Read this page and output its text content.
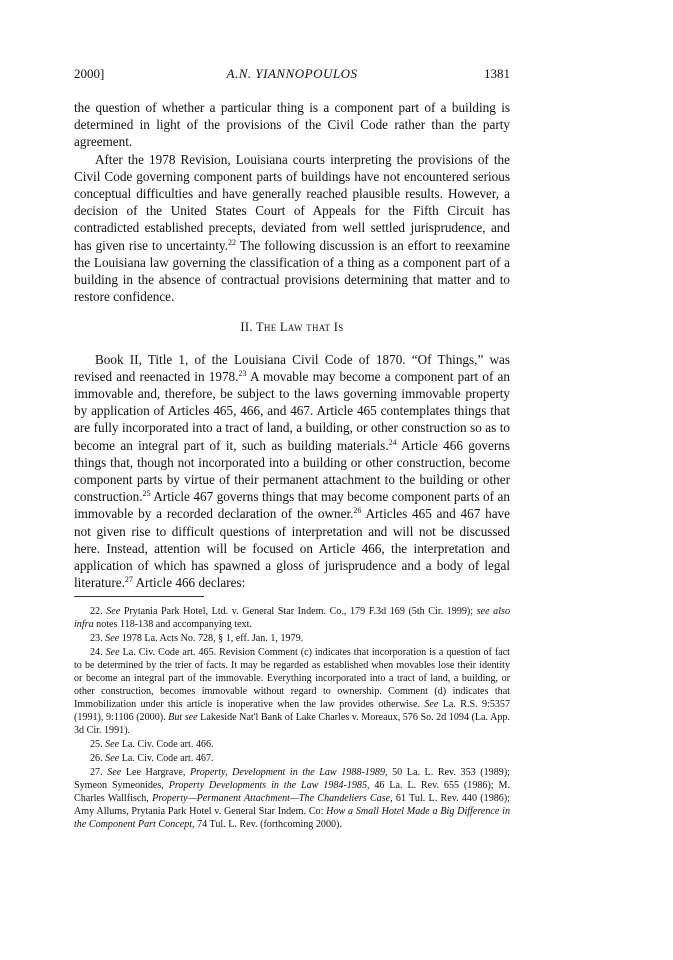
2000]	A.N. YIANNOPOULOS	1381

the question of whether a particular thing is a component part of a building is determined in light of the provisions of the Civil Code rather than the party agreement.

After the 1978 Revision, Louisiana courts interpreting the provisions of the Civil Code governing component parts of buildings have not encountered serious conceptual difficulties and have generally reached plausible results. However, a decision of the United States Court of Appeals for the Fifth Circuit has contradicted established precepts, deviated from well settled jurisprudence, and has given rise to uncertainty.$^{22}$ The following discussion is an effort to reexamine the Louisiana law governing the classification of a thing as a component part of a building in the absence of contractual provisions determining that matter and to restore confidence.

II. The Law that Is

Book II, Title 1, of the Louisiana Civil Code of 1870. “Of Things,” was revised and reenacted in 1978.23 A movable may become a component part of an immovable and, therefore, be subject to the laws governing immovable property by application of Articles 465, 466, and 467. Article 465 contemplates things that are fully incorporated into a tract of land, a building, or other construction so as to become an integral part of it, such as building materials.$^{24}$ Article 466 governs things that, though not incorporated into a building or other construction, become component parts by virtue of their permanent attachment to the building or other construction.$^{25}$ Article 467 governs things that may become component parts of an immovable by a recorded declaration of the owner.$^{26}$ Articles 465 and 467 have not given rise to difficult questions of interpretation and will not be discussed here. Instead, attention will be focused on Article 466, the interpretation and application of which has spawned a gloss of jurisprudence and a body of legal literature.$^{27}$ Article 466 declares:

22. See Prytania Park Hotel, Ltd. v. General Star Indem. Co., 179 F.3d 169 (5th Cir. 1999); see also infra notes 118-138 and accompanying text.

23. See 1978 La. Acts No. 728, § 1, eff. Jan. 1, 1979.

24. See La. Civ. Code art. 465. Revision Comment (c) indicates that incorporation is a question of fact to be determined by the trier of facts. It may be regarded as established when movables lose their identity or become an integral part of the immovable. Everything incorporated into a tract of land, a building, or other construction, becomes immovable without regard to ownership. Comment (d) indicates that Immobilization under this article is inoperative when the law provides otherwise. See La. R.S. 9:5357 (1991), 9:1106 (2000). But see Lakeside Nat'l Bank of Lake Charles v. Moreaux, 576 So. 2d 1094 (La. App. 3d Cir. 1991).

25. See La. Civ. Code art. 466.

26. See La. Civ. Code art. 467.

27. See Lee Hargrave, Property, Development in the Law 1988-1989, 50 La. L. Rev. 353 (1989); Symeon Symeonides, Property Developments in the Law 1984-1985, 46 La. L. Rev. 655 (1986); M. Charles Wallfisch, Property—Permanent Attachment—The Chandeliers Case, 61 Tul. L. Rev. 440 (1986); Amy Allums, Prytania Park Hotel v. General Star Indem. Co: How a Small Hotel Made a Big Difference in the Component Part Concept, 74 Tul. L. Rev. (forthcoming 2000).
